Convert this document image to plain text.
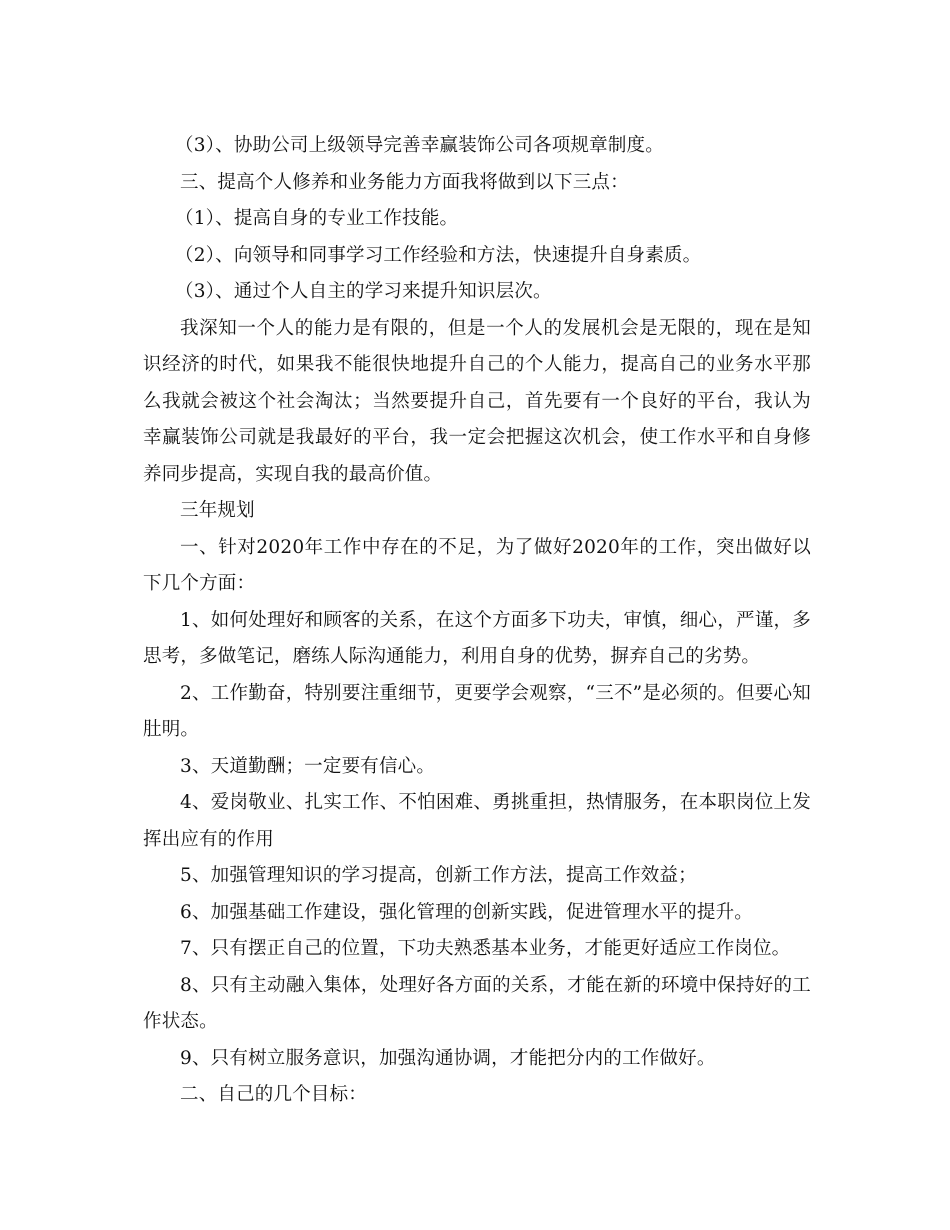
（3）、协助公司上级领导完善幸赢装饰公司各项规章制度。

三、提高个人修养和业务能力方面我将做到以下三点：

（1）、提高自身的专业工作技能。

（2）、向领导和同事学习工作经验和方法，快速提升自身素质。

（3）、通过个人自主的学习来提升知识层次。

我深知一个人的能力是有限的，但是一个人的发展机会是无限的，现在是知识经济的时代，如果我不能很快地提升自己的个人能力，提高自己的业务水平那么我就会被这个社会淘汰；当然要提升自己，首先要有一个良好的平台，我认为幸赢装饰公司就是我最好的平台，我一定会把握这次机会，使工作水平和自身修养同步提高，实现自我的最高价值。

三年规划

一、针对2020年工作中存在的不足，为了做好2020年的工作，突出做好以下几个方面：

1、如何处理好和顾客的关系，在这个方面多下功夫，审慎，细心，严谨，多思考，多做笔记，磨练人际沟通能力，利用自身的优势，摒弃自己的劣势。

2、工作勤奋，特别要注重细节，更要学会观察，“三不”是必须的。但要心知肚明。

3、天道勤酬；一定要有信心。

4、爱岗敬业、扎实工作、不怕困难、勇挑重担，热情服务，在本职岗位上发挥出应有的作用

5、加强管理知识的学习提高，创新工作方法，提高工作效益；

6、加强基础工作建设，强化管理的创新实践，促进管理水平的提升。

7、只有摆正自己的位置，下功夫熟悉基本业务，才能更好适应工作岗位。

8、只有主动融入集体，处理好各方面的关系，才能在新的环境中保持好的工作状态。

9、只有树立服务意识，加强沟通协调，才能把分内的工作做好。

二、自己的几个目标：
